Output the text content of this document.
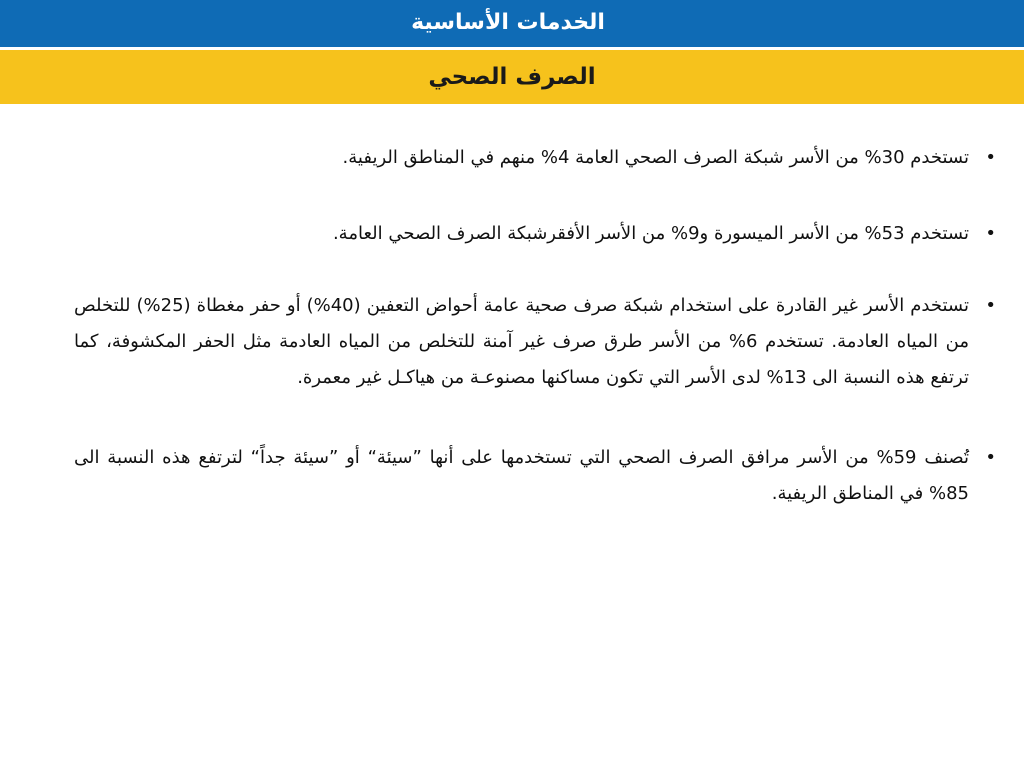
الخدمات الأساسية
الصرف الصحي
•
تستخدم 30% من الأسر شبكة الصرف الصحي العامة 4% منهم في المناطق الريفية.
•
تستخدم 53% من الأسر الميسورة و9% من الأسر الأفقرشبكة الصرف الصحي العامة.
•
تستخدم الأسر غير القادرة على استخدام شبكة صرف صحية عامة أحواض التعفين (40%) أو حفر مغطاة (25%) للتخلص من المياه العادمة. تستخدم 6% من الأسر طرق صرف غير آمنة للتخلص من المياه العادمة مثل الحفر المكشوفة، كما ترتفع هذه النسبة الى 13% لدى الأسر التي تكون مساكنها مصنوعـة من هياكـل غير معمرة.
•
تُصنف 59% من الأسر مرافق الصرف الصحي التي تستخدمها على أنها ”سيئة“ أو ”سيئة جداً“ لترتفع هذه النسبة الى 85% في المناطق الريفية.
